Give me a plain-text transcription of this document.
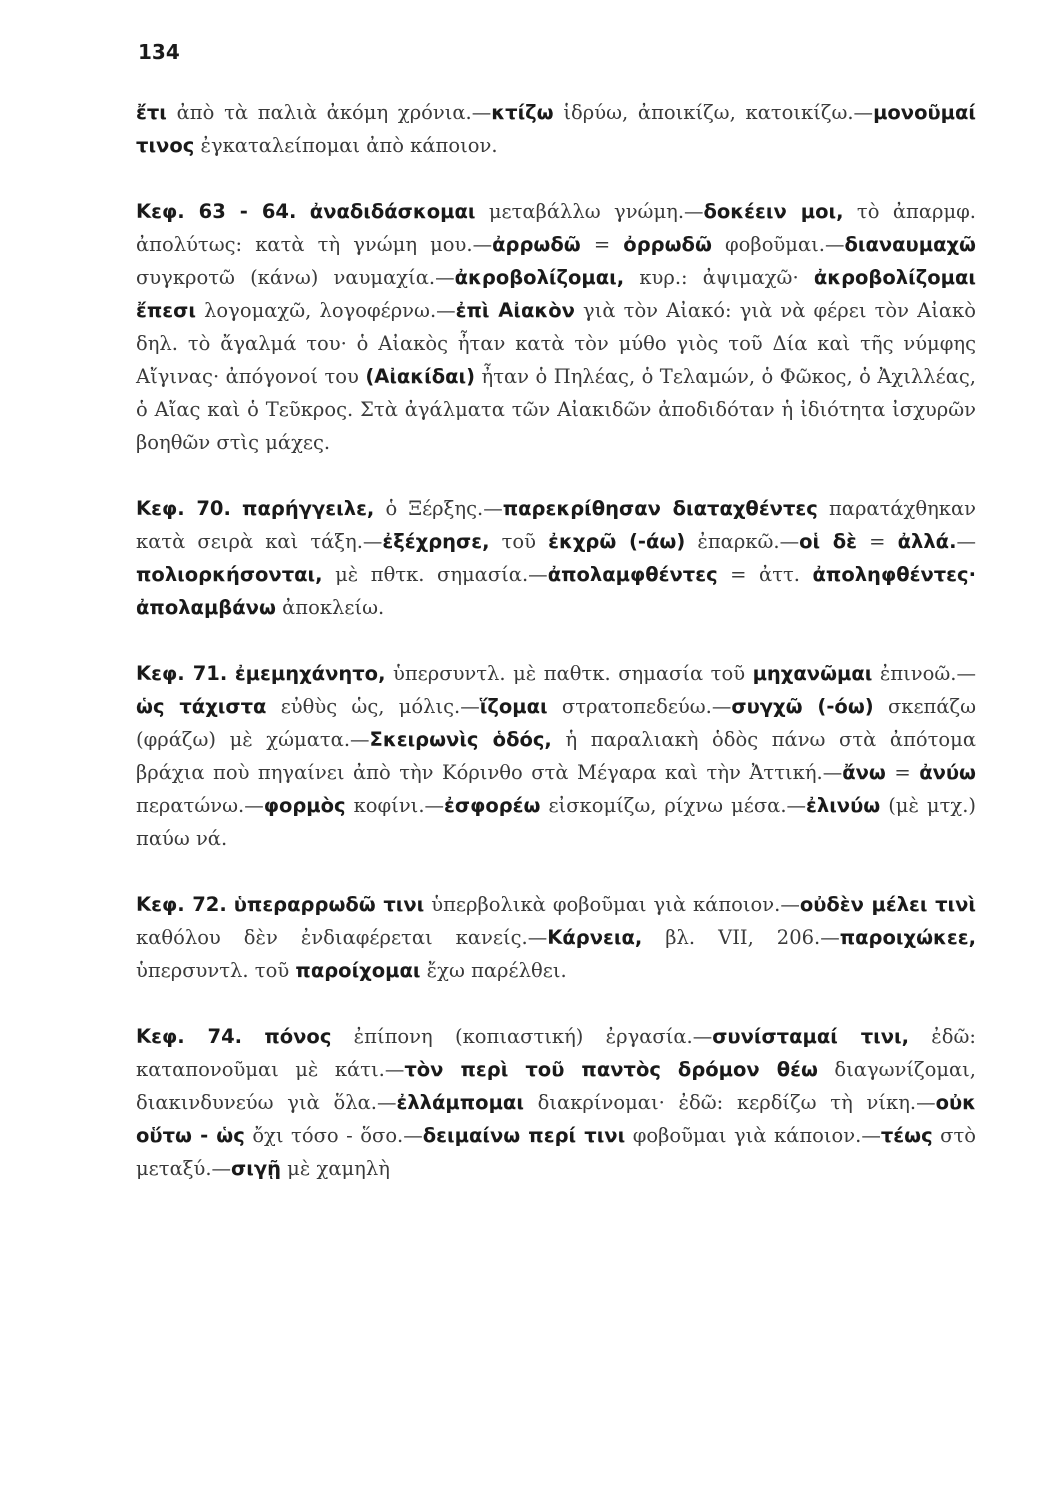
134

ἔτι ἀπὸ τὰ παλιὰ ἀκόμη χρόνια.—κτίζω ἱδρύω, ἀποικίζω, κατοικίζω.—μονοῦμαί τινος ἐγκαταλείπομαι ἀπὸ κάποιον.

Κεφ. 63 - 64. ἀναδιδάσκομαι μεταβάλλω γνώμη.—δοκέειν μοι, τὸ ἀπαρμφ. ἀπολύτως: κατὰ τὴ γνώμη μου.—ἀρρωδῶ = ὀρρωδῶ φοβοῦμαι.—διαναυμαχῶ συγκροτῶ (κάνω) ναυμαχία.—ἀκροβολίζομαι, κυρ.: ἀψιμαχῶ· ἀκροβολίζομαι ἔπεσι λογομαχῶ, λογοφέρνω.—ἐπὶ Αἰακὸν γιὰ τὸν Αἰακό: γιὰ νὰ φέρει τὸν Αἰακὸ δηλ. τὸ ἄγαλμά του· ὁ Αἰακὸς ἦταν κατὰ τὸν μύθο γιὸς τοῦ Δία καὶ τῆς νύμφης Αἴγινας· ἀπόγονοί του (Αἰακίδαι) ἦταν ὁ Πηλέας, ὁ Τελαμών, ὁ Φῶκος, ὁ Ἀχιλλέας, ὁ Αἴας καὶ ὁ Τεῦκρος. Στὰ ἀγάλματα τῶν Αἰακιδῶν ἀποδιδόταν ἡ ἰδιότητα ἰσχυρῶν βοηθῶν στὶς μάχες.

Κεφ. 70. παρήγγειλε, ὁ Ξέρξης.—παρεκρίθησαν διαταχθέντες παρατάχθηκαν κατὰ σειρὰ καὶ τάξη.—ἐξέχρησε, τοῦ ἐκχρῶ (-άω) ἐπαρκῶ.—οἱ δὲ = ἀλλά.—πολιορκήσονται, μὲ πθτκ. σημασία.—ἀπολαμφθέντες = ἀττ. ἀποληφθέντες· ἀπολαμβάνω ἀποκλείω.

Κεφ. 71. ἐμεμηχάνητο, ὑπερσυντλ. μὲ παθτκ. σημασία τοῦ μηχανῶμαι ἐπινοῶ.—ὡς τάχιστα εὐθὺς ὡς, μόλις.—ἵζομαι στρατοπεδεύω.—συγχῶ (-όω) σκεπάζω (φράζω) μὲ χώματα.—Σκειρωνὶς ὁδός, ἡ παραλιακὴ ὁδὸς πάνω στὰ ἀπότομα βράχια ποὺ πηγαίνει ἀπὸ τὴν Κόρινθο στὰ Μέγαρα καὶ τὴν Ἀττική.—ἄνω = ἀνύω περατώνω.—φορμὸς κοφίνι.—ἐσφορέω εἰσκομίζω, ρίχνω μέσα.—ἐλινύω (μὲ μτχ.) παύω νά.

Κεφ. 72. ὑπεραρρωδῶ τινι ὑπερβολικὰ φοβοῦμαι γιὰ κάποιον.—οὐδὲν μέλει τινὶ καθόλου δὲν ἐνδιαφέρεται κανείς.—Κάρνεια, βλ. VII, 206.—παροιχώκεε, ὑπερσυντλ. τοῦ παροίχομαι ἔχω παρέλθει.

Κεφ. 74. πόνος ἐπίπονη (κοπιαστική) ἐργασία.—συνίσταμαί τινι, ἐδῶ: καταπονοῦμαι μὲ κάτι.—τὸν περὶ τοῦ παντὸς δρόμον θέω διαγωνίζομαι, διακινδυνεύω γιὰ ὅλα.—ἐλλάμπομαι διακρίνομαι· ἐδῶ: κερδίζω τὴ νίκη.—οὐκ οὕτω - ὡς ὄχι τόσο - ὅσο.—δειμαίνω περί τινι φοβοῦμαι γιὰ κάποιον.—τέως στὸ μεταξύ.—σιγῇ μὲ χαμηλὴ
